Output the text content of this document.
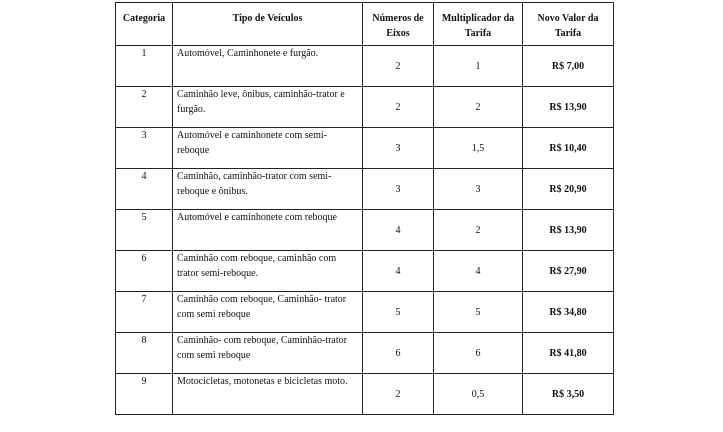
Categoria	Tipo de Veículos	Números de Eixos	Multiplicador da Tarifa	Novo Valor da Tarifa
1	Automóvel, Caminhonete e furgão.	2	1	R$ 7,00
2	Caminhão leve, ônibus, caminhão-trator e furgão.	2	2	R$ 13,90
3	Automóvel e caminhonete com semi-reboque	3	1,5	R$ 10,40
4	Caminhão, caminhão-trator com semi-reboque e ônibus.	3	3	R$ 20,90
5	Automóvel e caminhonete com reboque	4	2	R$ 13,90
6	Caminhão com reboque, caminhão com trator semi-reboque.	4	4	R$ 27,90
7	Caminhão com reboque, Caminhão- trator com semi reboque	5	5	R$ 34,80
8	Caminhão- com reboque, Caminhão-trator com semi reboque	6	6	R$ 41,80
9	Motocicletas, motonetas e bicicletas moto.	2	0,5	R$ 3,50
